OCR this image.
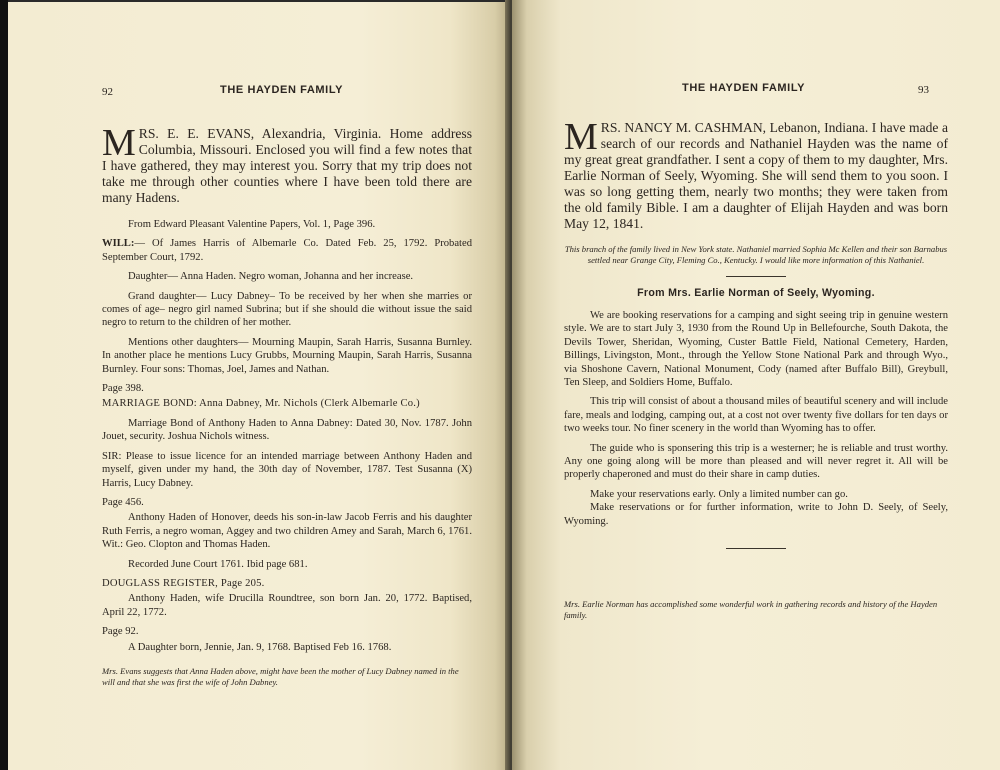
92	THE HAYDEN FAMILY

MRS. E. E. EVANS, Alexandria, Virginia. Home address Columbia, Missouri. Enclosed you will find a few notes that I have gathered, they may interest you. Sorry that my trip does not take me through other counties where I have been told there are many Hadens.

From Edward Pleasant Valentine Papers, Vol. 1, Page 396.

WILL:— Of James Harris of Albemarle Co. Dated Feb. 25, 1792. Probated September Court, 1792.

Daughter— Anna Haden. Negro woman, Johanna and her increase.

Grand daughter— Lucy Dabney– To be received by her when she marries or comes of age– negro girl named Subrina; but if she should die without issue the said negro to return to the children of her mother.

Mentions other daughters— Mourning Maupin, Sarah Harris, Susanna Burnley. In another place he mentions Lucy Grubbs, Mourning Maupin, Sarah Harris, Susanna Burnley. Four sons: Thomas, Joel, James and Nathan.

Page 398.

MARRIAGE BOND: Anna Dabney, Mr. Nichols (Clerk Albemarle Co.)

Marriage Bond of Anthony Haden to Anna Dabney: Dated 30, Nov. 1787. John Jouet, security. Joshua Nichols witness.

SIR: Please to issue licence for an intended marriage between Anthony Haden and myself, given under my hand, the 30th day of November, 1787. Test Susanna (X) Harris, Lucy Dabney.

Page 456.

Anthony Haden of Honover, deeds his son-in-law Jacob Ferris and his daughter Ruth Ferris, a negro woman, Aggey and two children Amey and Sarah, March 6, 1761. Wit.: Geo. Clopton and Thomas Haden.

Recorded June Court 1761. Ibid page 681.

DOUGLASS REGISTER, Page 205.

Anthony Haden, wife Drucilla Roundtree, son born Jan. 20, 1772. Baptised, April 22, 1772.

Page 92.

A Daughter born, Jennie, Jan. 9, 1768. Baptised Feb 16. 1768.

Mrs. Evans suggests that Anna Haden above, might have been the mother of Lucy Dabney named in the will and that she was first the wife of John Dabney.

THE HAYDEN FAMILY	93

MRS. NANCY M. CASHMAN, Lebanon, Indiana. I have made a search of our records and Nathaniel Hayden was the name of my great great grandfather. I sent a copy of them to my daughter, Mrs. Earlie Norman of Seely, Wyoming. She will send them to you soon. I was so long getting them, nearly two months; they were taken from the old family Bible. I am a daughter of Elijah Hayden and was born May 12, 1841.

This branch of the family lived in New York state. Nathaniel married Sophia Mc Kellen and their son Barnabus settled near Grange City, Fleming Co., Kentucky. I would like more information of this Nathaniel.

From Mrs. Earlie Norman of Seely, Wyoming.

We are booking reservations for a camping and sight seeing trip in genuine western style. We are to start July 3, 1930 from the Round Up in Bellefourche, South Dakota, the Devils Tower, Sheridan, Wyoming, Custer Battle Field, National Cemetery, Harden, Billings, Livingston, Mont., through the Yellow Stone National Park and through Wyo., via Shoshone Cavern, National Monument, Cody (named after Buffalo Bill), Greybull, Ten Sleep, and Soldiers Home, Buffalo.

This trip will consist of about a thousand miles of beautiful scenery and will include fare, meals and lodging, camping out, at a cost not over twenty five dollars for ten days or two weeks tour. No finer scenery in the world than Wyoming has to offer.

The guide who is sponsering this trip is a westerner; he is reliable and trust worthy. Any one going along will be more than pleased and will never regret it. All will be properly chaperoned and must do their share in camp duties.

Make your reservations early. Only a limited number can go.

Make reservations or for further information, write to John D. Seely, of Seely, Wyoming.

Mrs. Earlie Norman has accomplished some wonderful work in gathering records and history of the Hayden family.
